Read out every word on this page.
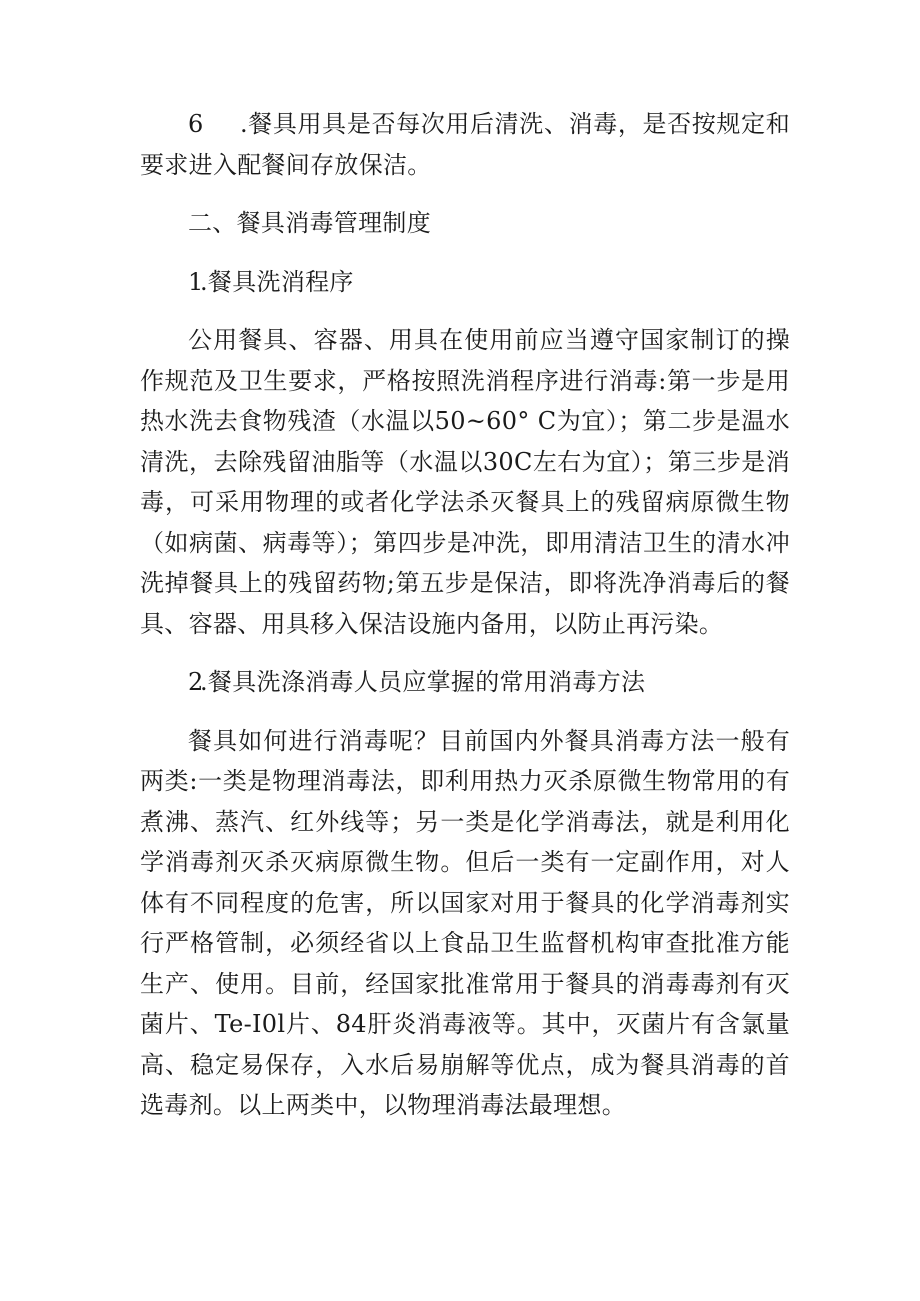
6 .餐具用具是否每次用后清洗、消毒，是否按规定和要求进入配餐间存放保洁。

二、餐具消毒管理制度

1.餐具洗消程序

公用餐具、容器、用具在使用前应当遵守国家制订的操作规范及卫生要求，严格按照洗消程序进行消毒:第一步是用热水洗去食物残渣（水温以50~60° C为宜）；第二步是温水清洗，去除残留油脂等（水温以30C左右为宜）；第三步是消毒，可采用物理的或者化学法杀灭餐具上的残留病原微生物（如病菌、病毒等）；第四步是冲洗，即用清洁卫生的清水冲洗掉餐具上的残留药物;第五步是保洁，即将洗净消毒后的餐具、容器、用具移入保洁设施内备用，以防止再污染。

2.餐具洗涤消毒人员应掌握的常用消毒方法

餐具如何进行消毒呢？目前国内外餐具消毒方法一般有两类:一类是物理消毒法，即利用热力灭杀原微生物常用的有煮沸、蒸汽、红外线等；另一类是化学消毒法，就是利用化学消毒剂灭杀灭病原微生物。但后一类有一定副作用，对人体有不同程度的危害，所以国家对用于餐具的化学消毒剂实行严格管制，必须经省以上食品卫生监督机构审查批准方能生产、使用。目前，经国家批准常用于餐具的消毒毒剂有灭菌片、Te-I0l片、84肝炎消毒液等。其中，灭菌片有含氯量高、稳定易保存，入水后易崩解等优点，成为餐具消毒的首选毒剂。以上两类中，以物理消毒法最理想。
